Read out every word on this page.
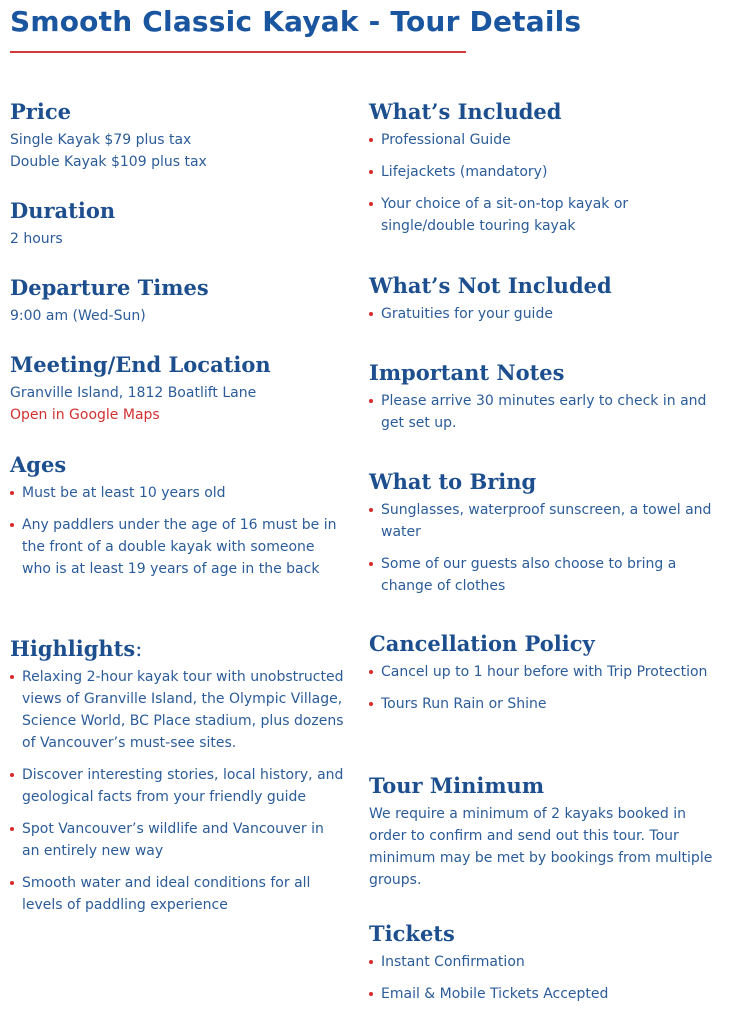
Smooth Classic Kayak - Tour Details
Price
Single Kayak $79 plus tax
Double Kayak $109 plus tax
Duration
2 hours
Departure Times
9:00 am (Wed-Sun)
Meeting/End Location
Granville Island, 1812 Boatlift Lane
Open in Google Maps
Ages
Must be at least 10 years old
Any paddlers under the age of 16 must be in the front of a double kayak with someone who is at least 19 years of age in the back
Highlights:
Relaxing 2-hour kayak tour with unobstructed views of Granville Island, the Olympic Village, Science World, BC Place stadium, plus dozens of Vancouver’s must-see sites.
Discover interesting stories, local history, and geological facts from your friendly guide
Spot Vancouver’s wildlife and Vancouver in an entirely new way
Smooth water and ideal conditions for all levels of paddling experience
What’s Included
Professional Guide
Lifejackets (mandatory)
Your choice of a sit-on-top kayak or single/double touring kayak
What’s Not Included
Gratuities for your guide
Important Notes
Please arrive 30 minutes early to check in and get set up.
What to Bring
Sunglasses, waterproof sunscreen, a towel and water
Some of our guests also choose to bring a change of clothes
Cancellation Policy
Cancel up to 1 hour before with Trip Protection
Tours Run Rain or Shine
Tour Minimum
We require a minimum of 2 kayaks booked in order to confirm and send out this tour. Tour minimum may be met by bookings from multiple groups.
Tickets
Instant Confirmation
Email & Mobile Tickets Accepted
